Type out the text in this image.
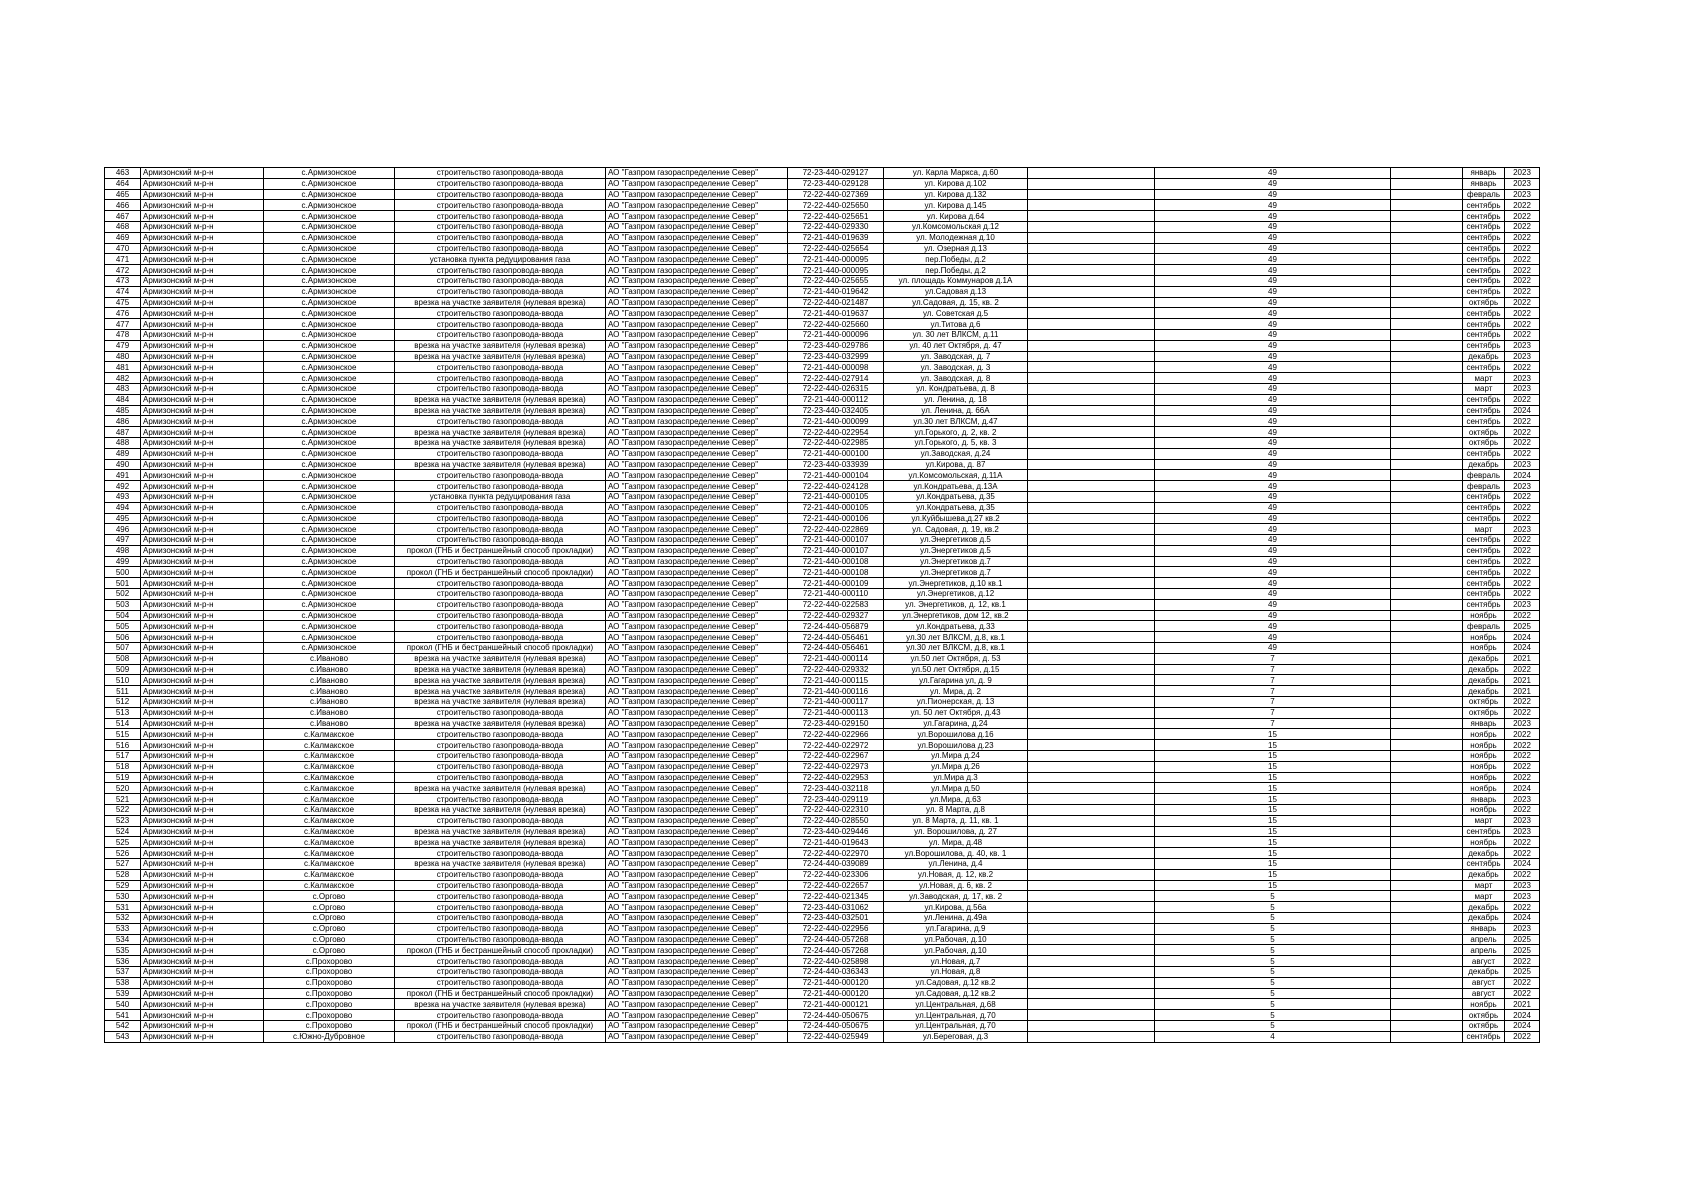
463	Армизонский м-р-н	с.Армизонское	строительство газопровода-ввода	АО "Газпром газораспределение Север"	72-23-440-029127	ул. Карла Маркса, д.60		49		январь	2023
464	Армизонский м-р-н	с.Армизонское	строительство газопровода-ввода	АО "Газпром газораспределение Север"	72-23-440-029128	ул. Кирова д.102		49		январь	2023
465	Армизонский м-р-н	с.Армизонское	строительство газопровода-ввода	АО "Газпром газораспределение Север"	72-22-440-027369	ул. Кирова д.132		49		февраль	2023
466	Армизонский м-р-н	с.Армизонское	строительство газопровода-ввода	АО "Газпром газораспределение Север"	72-22-440-025650	ул. Кирова д.145		49		сентябрь	2022
467	Армизонский м-р-н	с.Армизонское	строительство газопровода-ввода	АО "Газпром газораспределение Север"	72-22-440-025651	ул. Кирова д.64		49		сентябрь	2022
468	Армизонский м-р-н	с.Армизонское	строительство газопровода-ввода	АО "Газпром газораспределение Север"	72-22-440-029330	ул.Комсомольская д.12		49		сентябрь	2022
469	Армизонский м-р-н	с.Армизонское	строительство газопровода-ввода	АО "Газпром газораспределение Север"	72-21-440-019639	ул. Молодежная д.10		49		сентябрь	2022
470	Армизонский м-р-н	с.Армизонское	строительство газопровода-ввода	АО "Газпром газораспределение Север"	72-22-440-025654	ул. Озерная д.13		49		сентябрь	2022
471	Армизонский м-р-н	с.Армизонское	установка пункта редуцирования газа	АО "Газпром газораспределение Север"	72-21-440-000095	пер.Победы, д.2		49		сентябрь	2022
472	Армизонский м-р-н	с.Армизонское	строительство газопровода-ввода	АО "Газпром газораспределение Север"	72-21-440-000095	пер.Победы, д.2		49		сентябрь	2022
473	Армизонский м-р-н	с.Армизонское	строительство газопровода-ввода	АО "Газпром газораспределение Север"	72-22-440-025655	ул. площадь Коммунаров д.1А		49		сентябрь	2022
474	Армизонский м-р-н	с.Армизонское	строительство газопровода-ввода	АО "Газпром газораспределение Север"	72-21-440-019642	ул.Садовая д.13		49		сентябрь	2022
475	Армизонский м-р-н	с.Армизонское	врезка на участке заявителя (нулевая врезка)	АО "Газпром газораспределение Север"	72-22-440-021487	ул.Садовая, д. 15, кв. 2		49		октябрь	2022
476	Армизонский м-р-н	с.Армизонское	строительство газопровода-ввода	АО "Газпром газораспределение Север"	72-21-440-019637	ул. Советская д.5		49		сентябрь	2022
477	Армизонский м-р-н	с.Армизонское	строительство газопровода-ввода	АО "Газпром газораспределение Север"	72-22-440-025660	ул.Титова д.6		49		сентябрь	2022
478	Армизонский м-р-н	с.Армизонское	строительство газопровода-ввода	АО "Газпром газораспределение Север"	72-21-440-000096	ул. 30 лет ВЛКСМ, д.11		49		сентябрь	2022
479	Армизонский м-р-н	с.Армизонское	врезка на участке заявителя (нулевая врезка)	АО "Газпром газораспределение Север"	72-23-440-029786	ул. 40 лет Октября, д. 47		49		сентябрь	2023
480	Армизонский м-р-н	с.Армизонское	врезка на участке заявителя (нулевая врезка)	АО "Газпром газораспределение Север"	72-23-440-032999	ул. Заводская, д. 7		49		декабрь	2023
481	Армизонский м-р-н	с.Армизонское	строительство газопровода-ввода	АО "Газпром газораспределение Север"	72-21-440-000098	ул. Заводская, д. 3		49		сентябрь	2022
482	Армизонский м-р-н	с.Армизонское	строительство газопровода-ввода	АО "Газпром газораспределение Север"	72-22-440-027914	ул. Заводская, д. 8		49		март	2023
483	Армизонский м-р-н	с.Армизонское	строительство газопровода-ввода	АО "Газпром газораспределение Север"	72-22-440-026315	ул. Кондратьева, д. 8		49		март	2023
484	Армизонский м-р-н	с.Армизонское	врезка на участке заявителя (нулевая врезка)	АО "Газпром газораспределение Север"	72-21-440-000112	ул. Ленина, д. 18		49		сентябрь	2022
485	Армизонский м-р-н	с.Армизонское	врезка на участке заявителя (нулевая врезка)	АО "Газпром газораспределение Север"	72-23-440-032405	ул. Ленина, д. 66А		49		сентябрь	2024
486	Армизонский м-р-н	с.Армизонское	строительство газопровода-ввода	АО "Газпром газораспределение Север"	72-21-440-000099	ул.30 лет ВЛКСМ, д.47		49		сентябрь	2022
487	Армизонский м-р-н	с.Армизонское	врезка на участке заявителя (нулевая врезка)	АО "Газпром газораспределение Север"	72-22-440-022954	ул.Горького, д. 2, кв. 2		49		октябрь	2022
488	Армизонский м-р-н	с.Армизонское	врезка на участке заявителя (нулевая врезка)	АО "Газпром газораспределение Север"	72-22-440-022985	ул.Горького, д. 5, кв. 3		49		октябрь	2022
489	Армизонский м-р-н	с.Армизонское	строительство газопровода-ввода	АО "Газпром газораспределение Север"	72-21-440-000100	ул.Заводская, д.24		49		сентябрь	2022
490	Армизонский м-р-н	с.Армизонское	врезка на участке заявителя (нулевая врезка)	АО "Газпром газораспределение Север"	72-23-440-033939	ул.Кирова, д. 87		49		декабрь	2023
491	Армизонский м-р-н	с.Армизонское	строительство газопровода-ввода	АО "Газпром газораспределение Север"	72-21-440-000104	ул.Комсомольская, д.11А		49		февраль	2024
492	Армизонский м-р-н	с.Армизонское	строительство газопровода-ввода	АО "Газпром газораспределение Север"	72-22-440-024128	ул.Кондратьева, д.13А		49		февраль	2023
493	Армизонский м-р-н	с.Армизонское	установка пункта редуцирования газа	АО "Газпром газораспределение Север"	72-21-440-000105	ул.Кондратьева, д.35		49		сентябрь	2022
494	Армизонский м-р-н	с.Армизонское	строительство газопровода-ввода	АО "Газпром газораспределение Север"	72-21-440-000105	ул.Кондратьева, д.35		49		сентябрь	2022
495	Армизонский м-р-н	с.Армизонское	строительство газопровода-ввода	АО "Газпром газораспределение Север"	72-21-440-000106	ул.Куйбышева,д.27 кв.2		49		сентябрь	2022
496	Армизонский м-р-н	с.Армизонское	строительство газопровода-ввода	АО "Газпром газораспределение Север"	72-22-440-022869	ул. Садовая, д. 19, кв.2		49		март	2023
497	Армизонский м-р-н	с.Армизонское	строительство газопровода-ввода	АО "Газпром газораспределение Север"	72-21-440-000107	ул.Энергетиков д.5		49		сентябрь	2022
498	Армизонский м-р-н	с.Армизонское	прокол (ГНБ и бестраншейный способ прокладки)	АО "Газпром газораспределение Север"	72-21-440-000107	ул.Энергетиков д.5		49		сентябрь	2022
499	Армизонский м-р-н	с.Армизонское	строительство газопровода-ввода	АО "Газпром газораспределение Север"	72-21-440-000108	ул.Энергетиков д.7		49		сентябрь	2022
500	Армизонский м-р-н	с.Армизонское	прокол (ГНБ и бестраншейный способ прокладки)	АО "Газпром газораспределение Север"	72-21-440-000108	ул.Энергетиков д.7		49		сентябрь	2022
501	Армизонский м-р-н	с.Армизонское	строительство газопровода-ввода	АО "Газпром газораспределение Север"	72-21-440-000109	ул.Энергетиков, д.10 кв.1		49		сентябрь	2022
502	Армизонский м-р-н	с.Армизонское	строительство газопровода-ввода	АО "Газпром газораспределение Север"	72-21-440-000110	ул.Энергетиков, д.12		49		сентябрь	2022
503	Армизонский м-р-н	с.Армизонское	строительство газопровода-ввода	АО "Газпром газораспределение Север"	72-22-440-022583	ул. Энергетиков, д. 12, кв.1		49		сентябрь	2023
504	Армизонский м-р-н	с.Армизонское	строительство газопровода-ввода	АО "Газпром газораспределение Север"	72-22-440-029327	ул.Энергетиков, дом 12, кв.2		49		ноябрь	2022
505	Армизонский м-р-н	с.Армизонское	строительство газопровода-ввода	АО "Газпром газораспределение Север"	72-24-440-056879	ул.Кондратьева, д.33		49		февраль	2025
506	Армизонский м-р-н	с.Армизонское	строительство газопровода-ввода	АО "Газпром газораспределение Север"	72-24-440-056461	ул.30 лет ВЛКСМ, д.8, кв.1		49		ноябрь	2024
507	Армизонский м-р-н	с.Армизонское	прокол (ГНБ и бестраншейный способ прокладки)	АО "Газпром газораспределение Север"	72-24-440-056461	ул.30 лет ВЛКСМ, д.8, кв.1		49		ноябрь	2024
508	Армизонский м-р-н	с.Иваново	врезка на участке заявителя (нулевая врезка)	АО "Газпром газораспределение Север"	72-21-440-000114	ул.50 лет Октября, д. 53		7		декабрь	2021
509	Армизонский м-р-н	с.Иваново	врезка на участке заявителя (нулевая врезка)	АО "Газпром газораспределение Север"	72-22-440-029332	ул.50 лет Октября, д.15		7		декабрь	2022
510	Армизонский м-р-н	с.Иваново	врезка на участке заявителя (нулевая врезка)	АО "Газпром газораспределение Север"	72-21-440-000115	ул.Гагарина ул, д. 9		7		декабрь	2021
511	Армизонский м-р-н	с.Иваново	врезка на участке заявителя (нулевая врезка)	АО "Газпром газораспределение Север"	72-21-440-000116	ул. Мира, д. 2		7		декабрь	2021
512	Армизонский м-р-н	с.Иваново	врезка на участке заявителя (нулевая врезка)	АО "Газпром газораспределение Север"	72-21-440-000117	ул.Пионерская, д. 13		7		октябрь	2022
513	Армизонский м-р-н	с.Иваново	строительство газопровода-ввода	АО "Газпром газораспределение Север"	72-21-440-000113	ул. 50 лет Октября, д.43		7		октябрь	2022
514	Армизонский м-р-н	с.Иваново	врезка на участке заявителя (нулевая врезка)	АО "Газпром газораспределение Север"	72-23-440-029150	ул.Гагарина, д.24		7		январь	2023
515	Армизонский м-р-н	с.Калмакское	строительство газопровода-ввода	АО "Газпром газораспределение Север"	72-22-440-022966	ул.Ворошилова д.16		15		ноябрь	2022
516	Армизонский м-р-н	с.Калмакское	строительство газопровода-ввода	АО "Газпром газораспределение Север"	72-22-440-022972	ул.Ворошилова д.23		15		ноябрь	2022
517	Армизонский м-р-н	с.Калмакское	строительство газопровода-ввода	АО "Газпром газораспределение Север"	72-22-440-022967	ул.Мира д.24		15		ноябрь	2022
518	Армизонский м-р-н	с.Калмакское	строительство газопровода-ввода	АО "Газпром газораспределение Север"	72-22-440-022973	ул.Мира д.26		15		ноябрь	2022
519	Армизонский м-р-н	с.Калмакское	строительство газопровода-ввода	АО "Газпром газораспределение Север"	72-22-440-022953	ул.Мира д.3		15		ноябрь	2022
520	Армизонский м-р-н	с.Калмакское	врезка на участке заявителя (нулевая врезка)	АО "Газпром газораспределение Север"	72-23-440-032118	ул.Мира д.50		15		ноябрь	2024
521	Армизонский м-р-н	с.Калмакское	строительство газопровода-ввода	АО "Газпром газораспределение Север"	72-23-440-029119	ул.Мира, д.63		15		январь	2023
522	Армизонский м-р-н	с.Калмакское	врезка на участке заявителя (нулевая врезка)	АО "Газпром газораспределение Север"	72-22-440-022310	ул. 8 Марта, д.8		15		ноябрь	2022
523	Армизонский м-р-н	с.Калмакское	строительство газопровода-ввода	АО "Газпром газораспределение Север"	72-22-440-028550	ул. 8 Марта, д. 11, кв. 1		15		март	2023
524	Армизонский м-р-н	с.Калмакское	врезка на участке заявителя (нулевая врезка)	АО "Газпром газораспределение Север"	72-23-440-029446	ул. Ворошилова, д. 27		15		сентябрь	2023
525	Армизонский м-р-н	с.Калмакское	врезка на участке заявителя (нулевая врезка)	АО "Газпром газораспределение Север"	72-21-440-019643	ул. Мира, д.48		15		ноябрь	2022
526	Армизонский м-р-н	с.Калмакское	строительство газопровода-ввода	АО "Газпром газораспределение Север"	72-22-440-022970	ул.Ворошилова, д. 40, кв. 1		15		декабрь	2022
527	Армизонский м-р-н	с.Калмакское	врезка на участке заявителя (нулевая врезка)	АО "Газпром газораспределение Север"	72-24-440-039089	ул.Ленина, д.4		15		сентябрь	2024
528	Армизонский м-р-н	с.Калмакское	строительство газопровода-ввода	АО "Газпром газораспределение Север"	72-22-440-023306	ул.Новая, д. 12, кв.2		15		декабрь	2022
529	Армизонский м-р-н	с.Калмакское	строительство газопровода-ввода	АО "Газпром газораспределение Север"	72-22-440-022657	ул.Новая, д. 6, кв. 2		15		март	2023
530	Армизонский м-р-н	с.Оргово	строительство газопровода-ввода	АО "Газпром газораспределение Север"	72-22-440-021345	ул.Заводская, д. 17, кв. 2		5		март	2023
531	Армизонский м-р-н	с.Оргово	строительство газопровода-ввода	АО "Газпром газораспределение Север"	72-23-440-031062	ул.Кирова, д.56а		5		декабрь	2022
532	Армизонский м-р-н	с.Оргово	строительство газопровода-ввода	АО "Газпром газораспределение Север"	72-23-440-032501	ул.Ленина, д.49а		5		декабрь	2024
533	Армизонский м-р-н	с.Оргово	строительство газопровода-ввода	АО "Газпром газораспределение Север"	72-22-440-022956	ул.Гагарина, д.9		5		январь	2023
534	Армизонский м-р-н	с.Оргово	строительство газопровода-ввода	АО "Газпром газораспределение Север"	72-24-440-057268	ул.Рабочая, д.10		5		апрель	2025
535	Армизонский м-р-н	с.Оргово	прокол (ГНБ и бестраншейный способ прокладки)	АО "Газпром газораспределение Север"	72-24-440-057268	ул.Рабочая, д.10		5		апрель	2025
536	Армизонский м-р-н	с.Прохорово	строительство газопровода-ввода	АО "Газпром газораспределение Север"	72-22-440-025898	ул.Новая, д.7		5		август	2022
537	Армизонский м-р-н	с.Прохорово	строительство газопровода-ввода	АО "Газпром газораспределение Север"	72-24-440-036343	ул.Новая, д.8		5		декабрь	2025
538	Армизонский м-р-н	с.Прохорово	строительство газопровода-ввода	АО "Газпром газораспределение Север"	72-21-440-000120	ул.Садовая, д.12 кв.2		5		август	2022
539	Армизонский м-р-н	с.Прохорово	прокол (ГНБ и бестраншейный способ прокладки)	АО "Газпром газораспределение Север"	72-21-440-000120	ул.Садовая, д.12 кв.2		5		август	2022
540	Армизонский м-р-н	с.Прохорово	врезка на участке заявителя (нулевая врезка)	АО "Газпром газораспределение Север"	72-21-440-000121	ул.Центральная, д.68		5		ноябрь	2021
541	Армизонский м-р-н	с.Прохорово	строительство газопровода-ввода	АО "Газпром газораспределение Север"	72-24-440-050675	ул.Центральная, д.70		5		октябрь	2024
542	Армизонский м-р-н	с.Прохорово	прокол (ГНБ и бестраншейный способ прокладки)	АО "Газпром газораспределение Север"	72-24-440-050675	ул.Центральная, д.70		5		октябрь	2024
543	Армизонский м-р-н	с.Южно-Дубровное	строительство газопровода-ввода	АО "Газпром газораспределение Север"	72-22-440-025949	ул.Береговая, д.3		4		сентябрь	2022
